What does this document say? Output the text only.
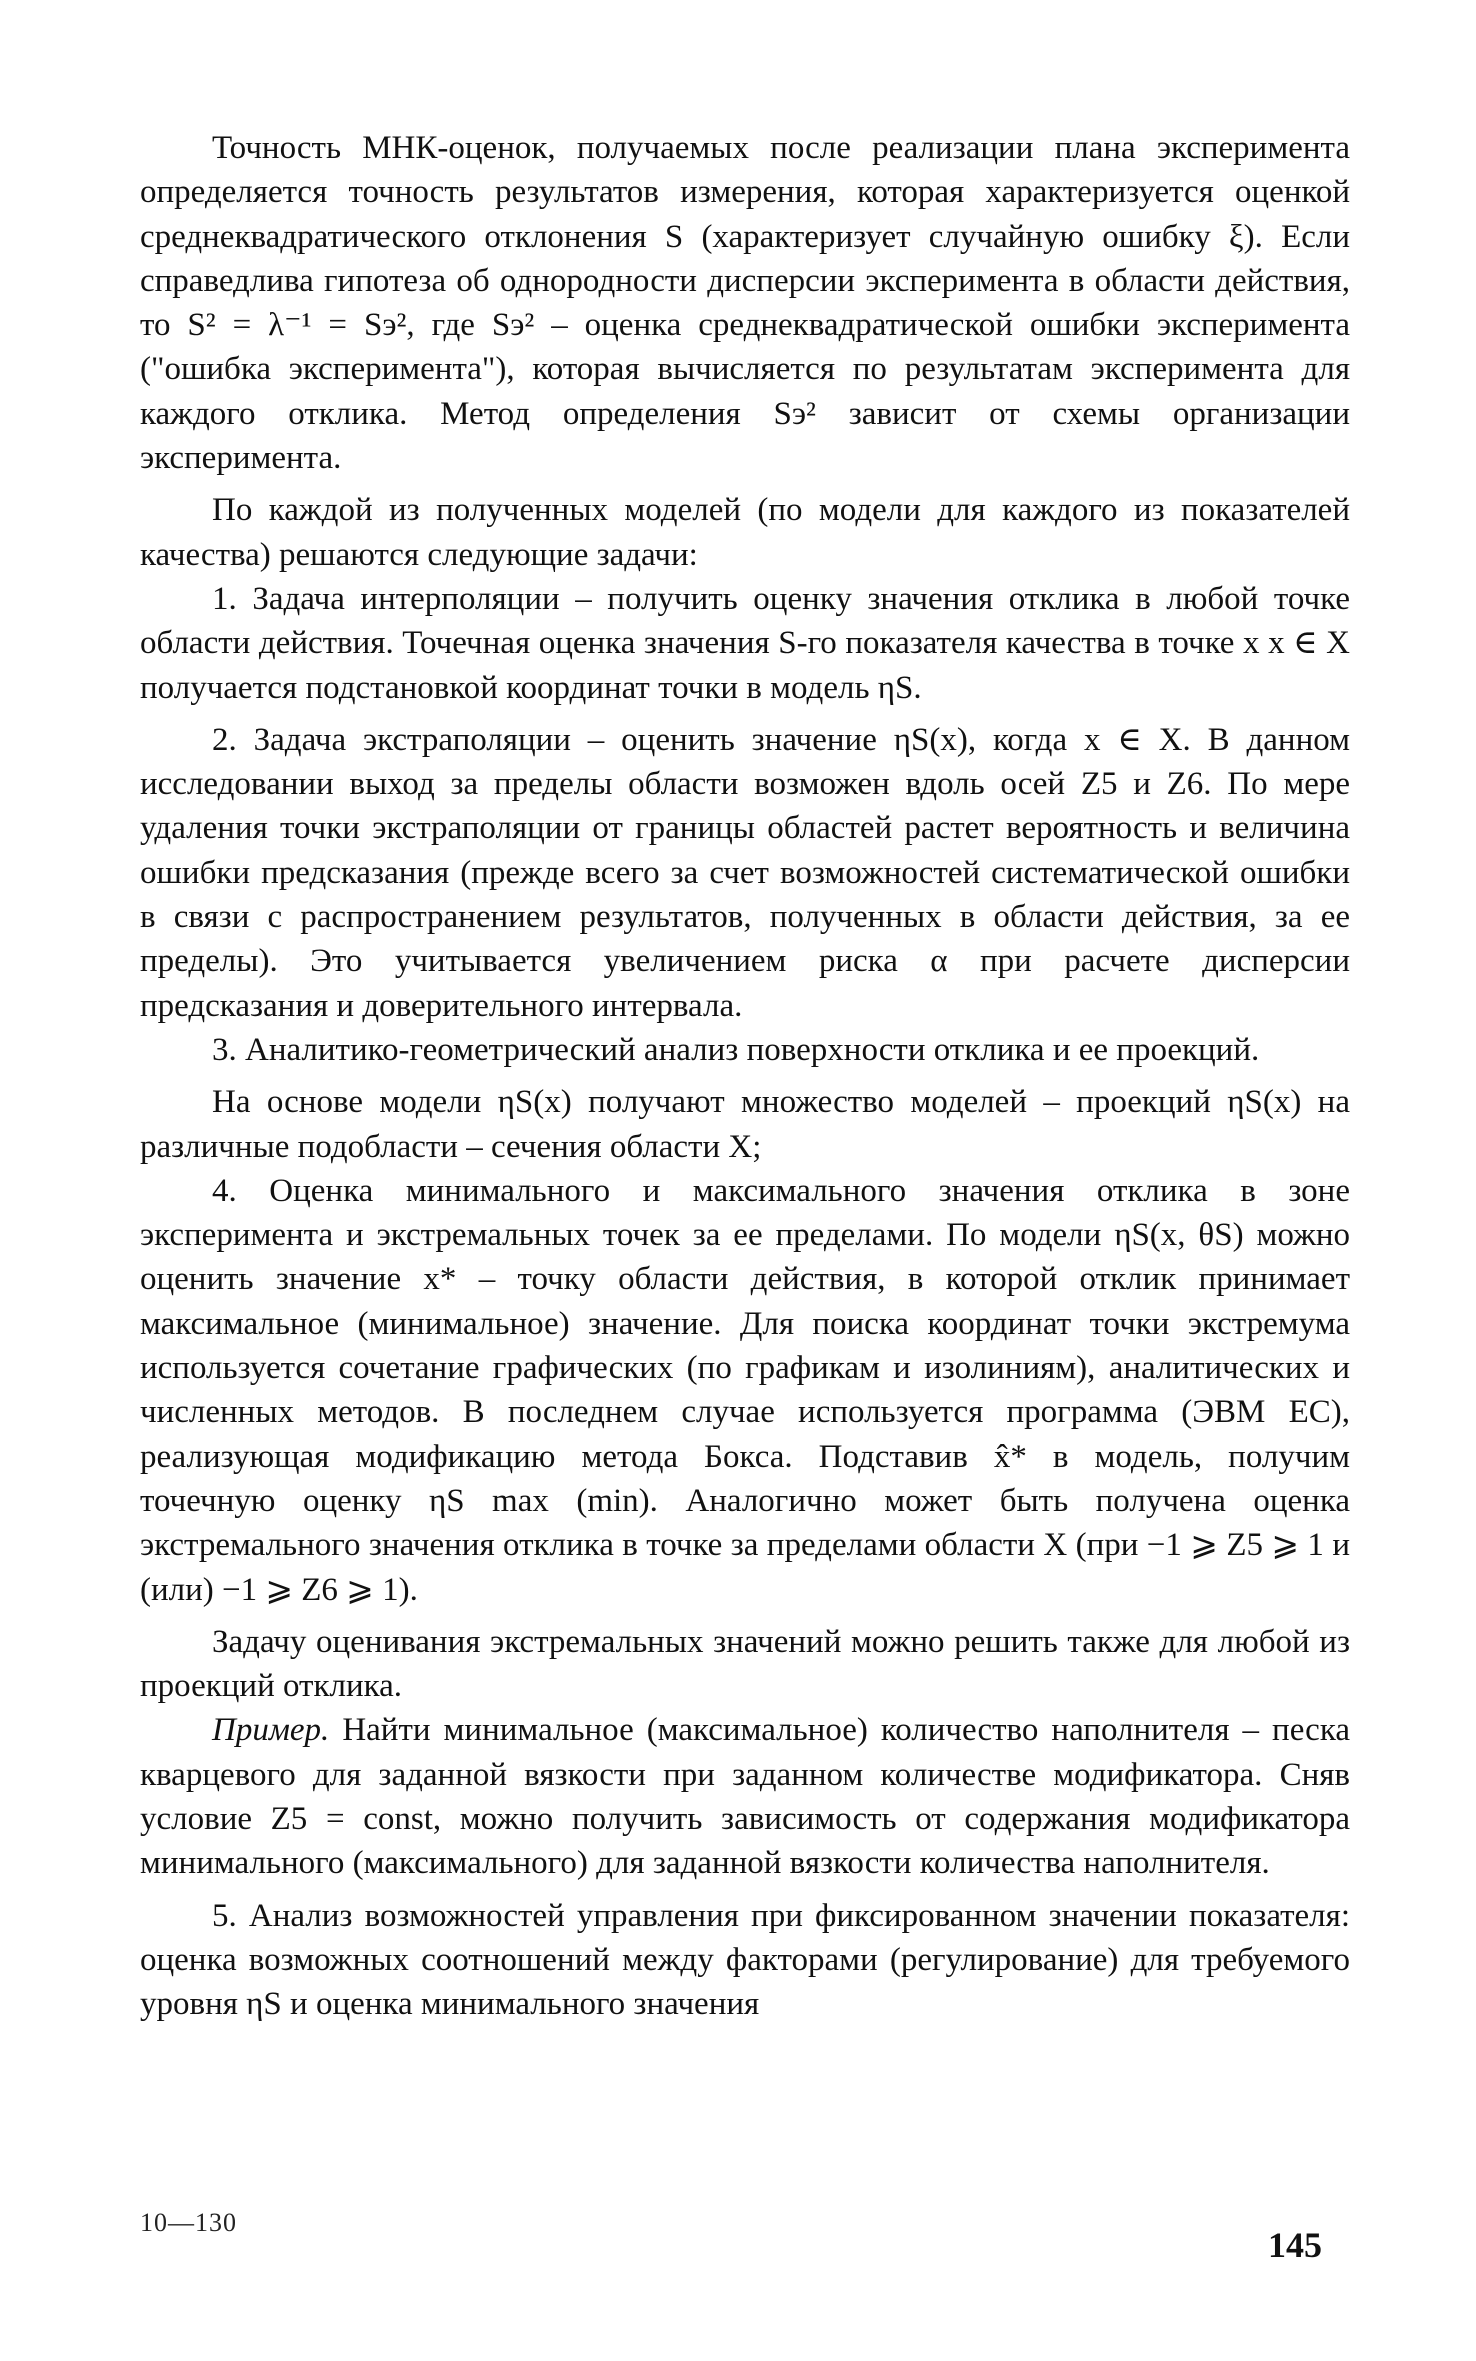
Точность МНК-оценок, получаемых после реализации плана эксперимента определяется точность результатов измерения, которая характеризуется оценкой среднеквадратического отклонения S (характеризует случайную ошибку ξ). Если справедлива гипотеза об однородности дисперсии эксперимента в области действия, то S² = λ⁻¹ = Sэ², где Sэ² – оценка среднеквадратической ошибки эксперимента ("ошибка эксперимента"), которая вычисляется по результатам эксперимента для каждого отклика. Метод определения Sэ² зависит от схемы организации эксперимента.

По каждой из полученных моделей (по модели для каждого из показателей качества) решаются следующие задачи:

1. Задача интерполяции – получить оценку значения отклика в любой точке области действия. Точечная оценка значения S-го показателя качества в точке x x ∈ X получается подстановкой координат точки в модель ηS.

2. Задача экстраполяции – оценить значение ηS(x), когда x ∈ X. В данном исследовании выход за пределы области возможен вдоль осей Z5 и Z6. По мере удаления точки экстраполяции от границы областей растет вероятность и величина ошибки предсказания (прежде всего за счет возможностей систематической ошибки в связи с распространением результатов, полученных в области действия, за ее пределы). Это учитывается увеличением риска α при расчете дисперсии предсказания и доверительного интервала.

3. Аналитико-геометрический анализ поверхности отклика и ее проекций.

На основе модели ηS(x) получают множество моделей – проекций ηS(x) на различные подобласти – сечения области X;

4. Оценка минимального и максимального значения отклика в зоне эксперимента и экстремальных точек за ее пределами. По модели ηS(x, θS) можно оценить значение x* – точку области действия, в которой отклик принимает максимальное (минимальное) значение. Для поиска координат точки экстремума используется сочетание графических (по графикам и изолиниям), аналитических и численных методов. В последнем случае используется программа (ЭВМ ЕС), реализующая модификацию метода Бокса. Подставив x̂* в модель, получим точечную оценку ηS max (min). Аналогично может быть получена оценка экстремального значения отклика в точке за пределами области X (при −1 ⩾ Z5 ⩾ 1 и (или) −1 ⩾ Z6 ⩾ 1).

Задачу оценивания экстремальных значений можно решить также для любой из проекций отклика.

Пример. Найти минимальное (максимальное) количество наполнителя – песка кварцевого для заданной вязкости при заданном количестве модификатора. Сняв условие Z5 = const, можно получить зависимость от содержания модификатора минимального (максимального) для заданной вязкости количества наполнителя.

5. Анализ возможностей управления при фиксированном значении показателя: оценка возможных соотношений между факторами (регулирование) для требуемого уровня ηS и оценка минимального значения

10—130
145
